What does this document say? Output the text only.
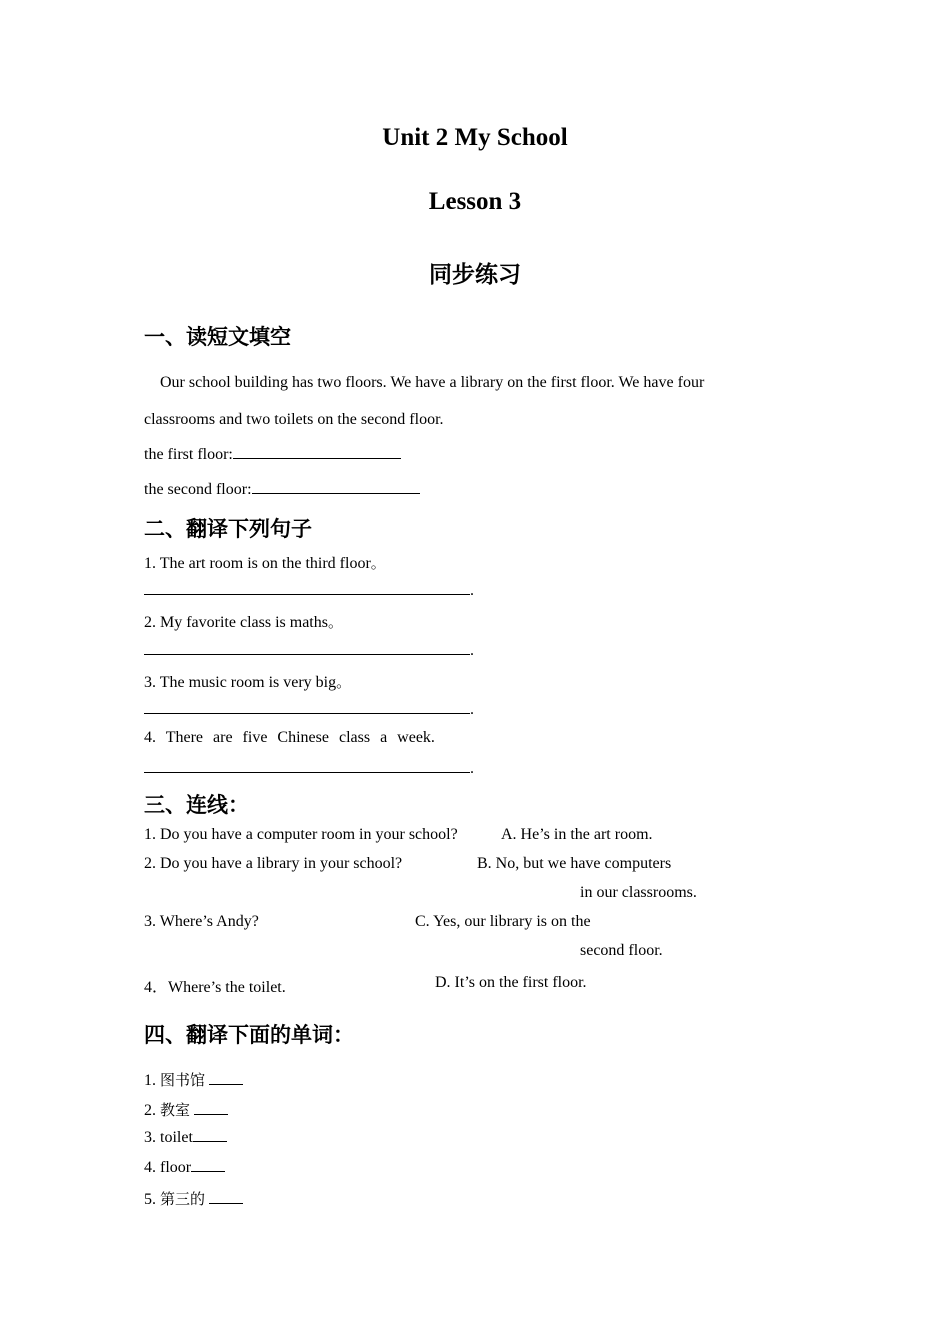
Unit 2 My School
Lesson 3
同步练习
一、读短文填空
Our school building has two floors. We have a library on the first floor. We have four
classrooms and two toilets on the second floor.
the first floor:
the second floor:
二、翻译下列句子
1. The art room is on the third floor。
.
2. My favorite class is maths。
.
3. The music room is very big。
.
4. There are five Chinese class a week.
.
三、连线：
1. Do you have a computer room in your school?	A. He’s in the art room.
2. Do you have a library in your school?	B. No, but we have computers
in our classrooms.
3. Where’s Andy?	C. Yes, our library is on the
second floor.
4．Where’s the toilet.	D. It’s on the first floor.
四、翻译下面的单词：
1. 图书馆
2. 教室
3. toilet
4. floor
5. 第三的
